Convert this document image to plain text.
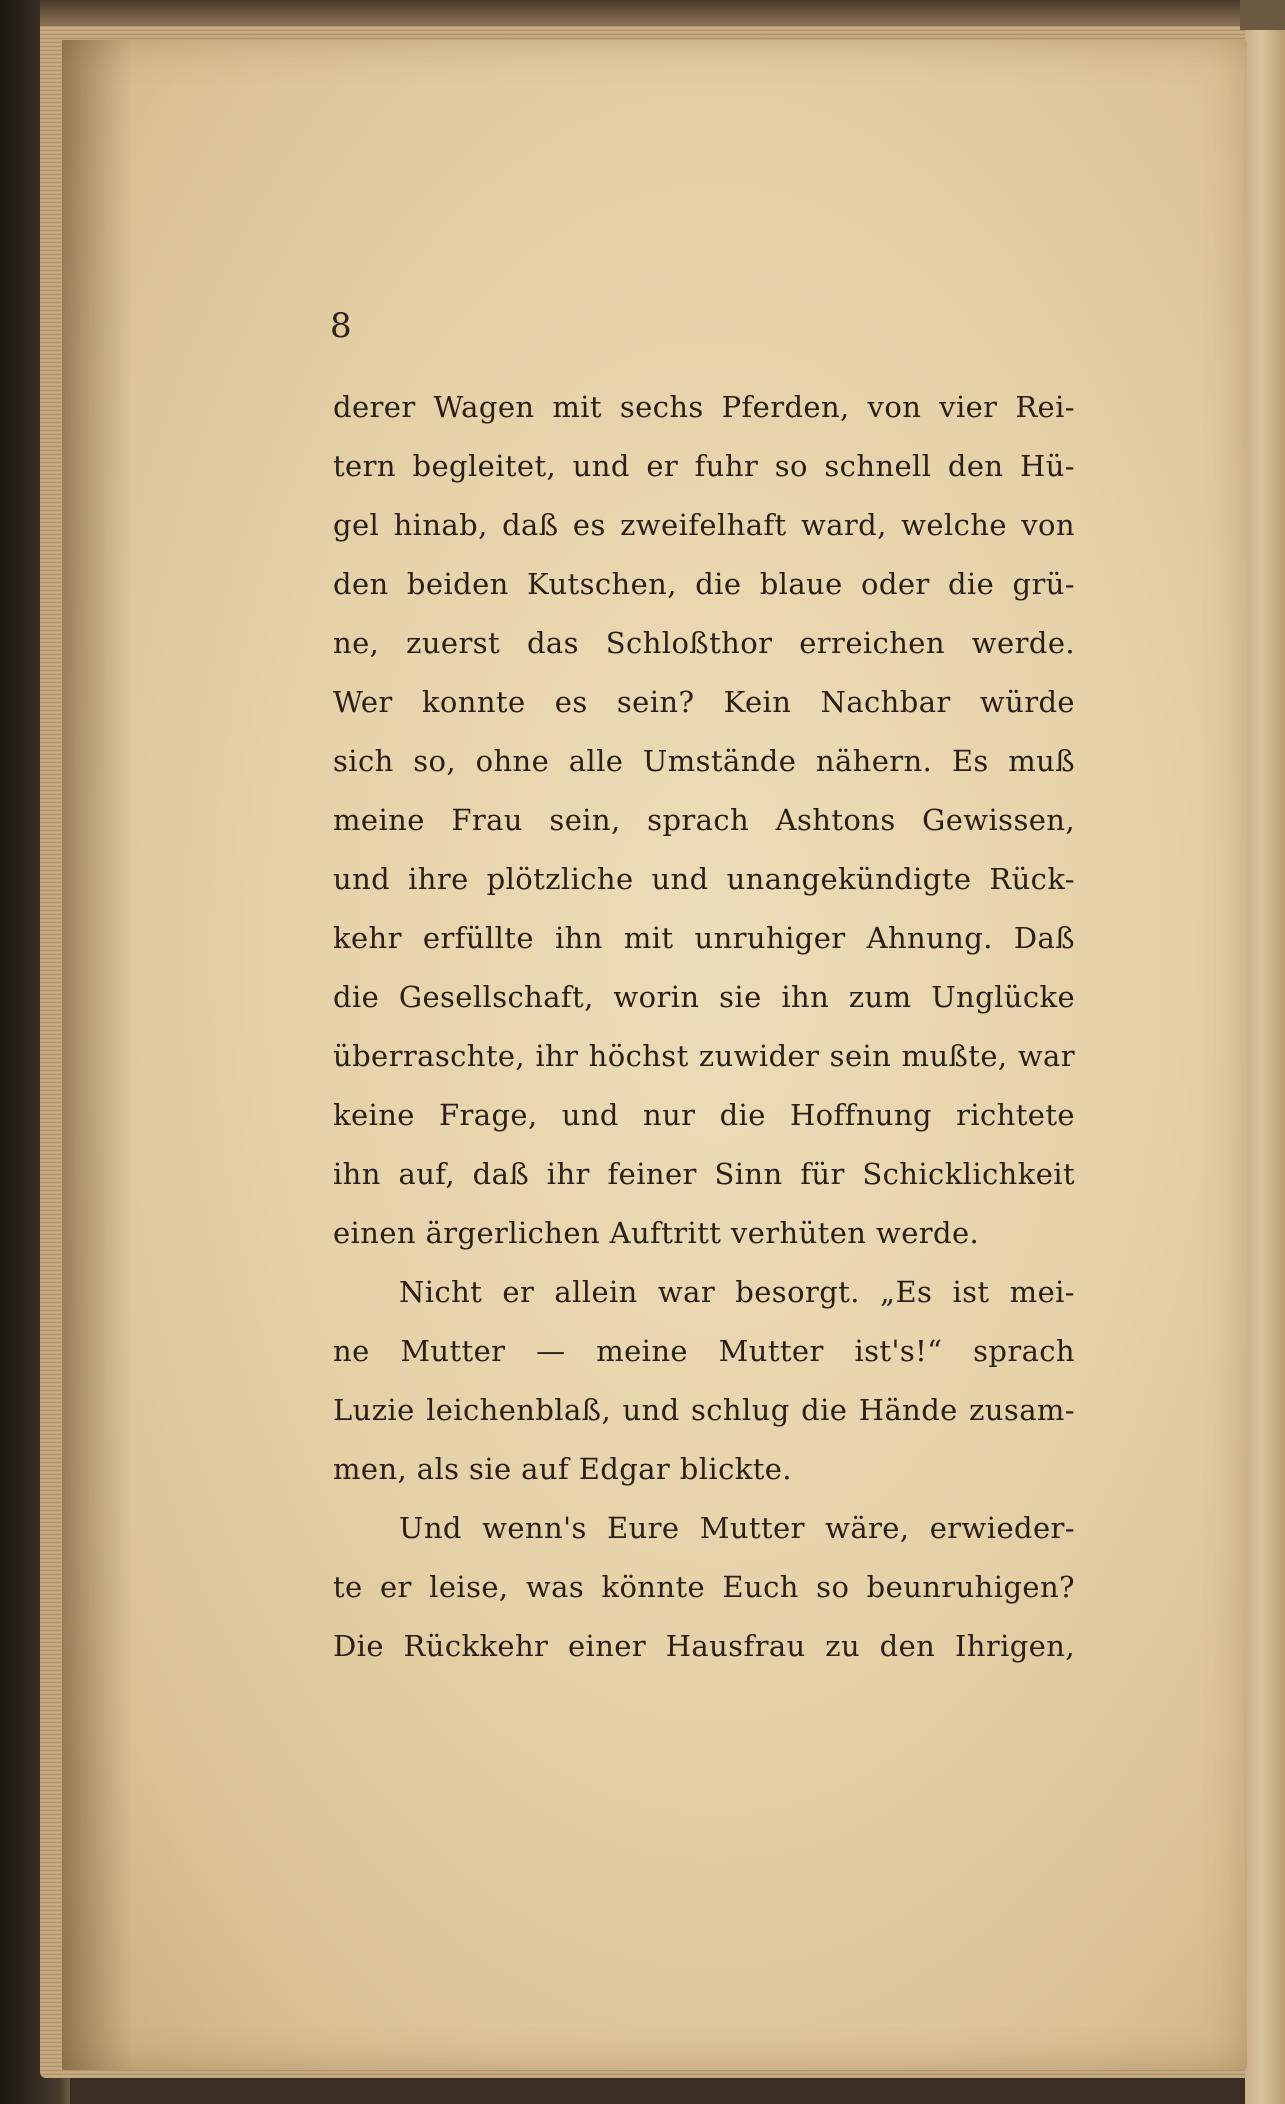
8

derer Wagen mit sechs Pferden, von vier Rei-
tern begleitet, und er fuhr so schnell den Hü-
gel hinab, daß es zweifelhaft ward, welche von
den beiden Kutschen, die blaue oder die grü-
ne, zuerst das Schloßthor erreichen werde.
Wer konnte es sein? Kein Nachbar würde
sich so, ohne alle Umstände nähern. Es muß
meine Frau sein, sprach Ashtons Gewissen,
und ihre plötzliche und unangekündigte Rück-
kehr erfüllte ihn mit unruhiger Ahnung. Daß
die Gesellschaft, worin sie ihn zum Unglücke
überraschte, ihr höchst zuwider sein mußte, war
keine Frage, und nur die Hoffnung richtete
ihn auf, daß ihr feiner Sinn für Schicklichkeit
einen ärgerlichen Auftritt verhüten werde.
Nicht er allein war besorgt. „Es ist mei-
ne Mutter — meine Mutter ist's!“ sprach
Luzie leichenblaß, und schlug die Hände zusam-
men, als sie auf Edgar blickte.
Und wenn's Eure Mutter wäre, erwieder-
te er leise, was könnte Euch so beunruhigen?
Die Rückkehr einer Hausfrau zu den Ihrigen,
